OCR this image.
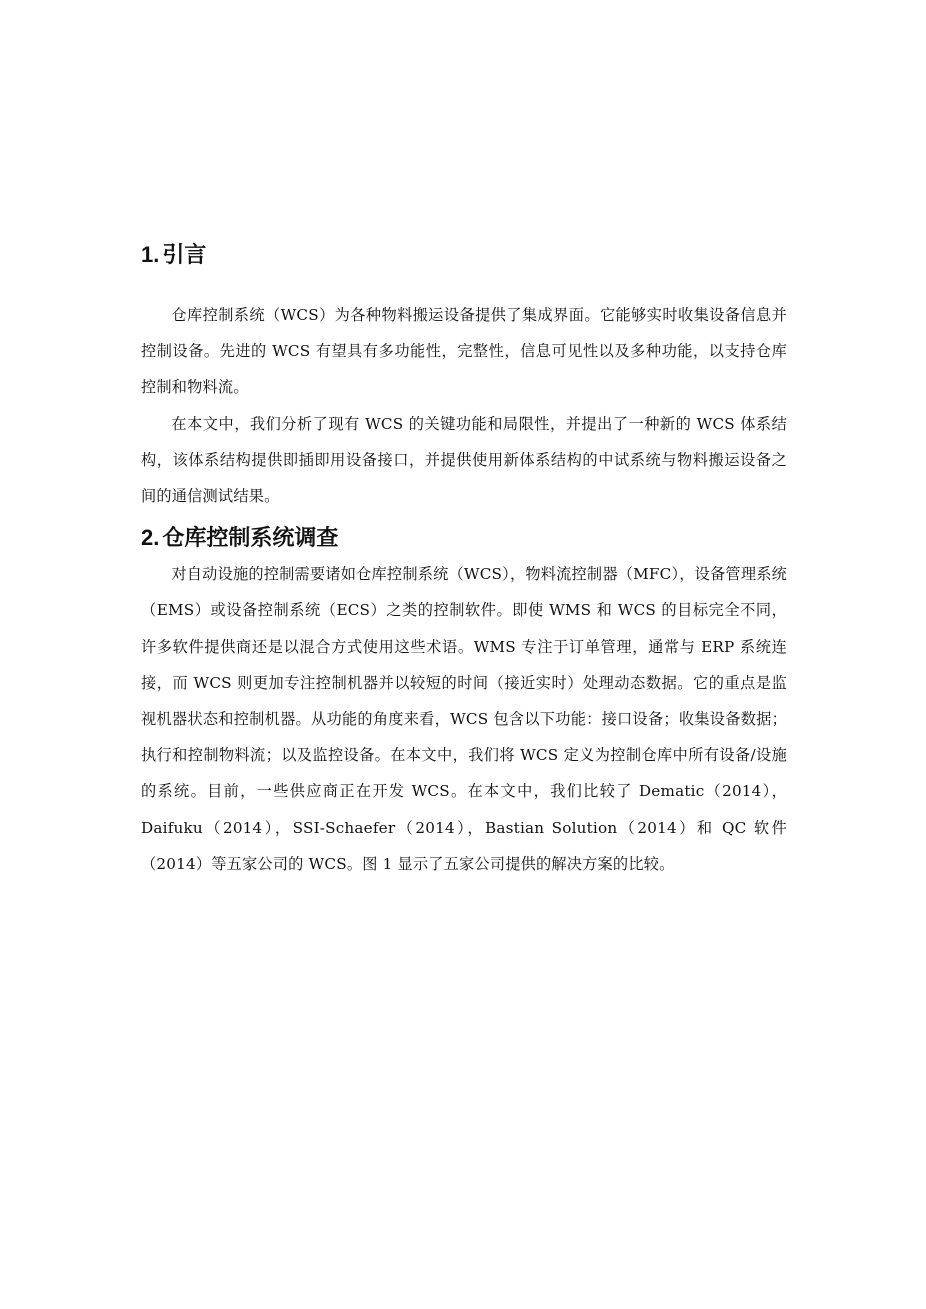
1. 引言

仓库控制系统（WCS）为各种物料搬运设备提供了集成界面。它能够实时收集设备信息并控制设备。先进的 WCS 有望具有多功能性，完整性，信息可见性以及多种功能，以支持仓库控制和物料流。

在本文中，我们分析了现有 WCS 的关键功能和局限性，并提出了一种新的 WCS 体系结构，该体系结构提供即插即用设备接口，并提供使用新体系结构的中试系统与物料搬运设备之间的通信测试结果。

2. 仓库控制系统调查

对自动设施的控制需要诸如仓库控制系统（WCS），物料流控制器（MFC），设备管理系统（EMS）或设备控制系统（ECS）之类的控制软件。即使 WMS 和 WCS 的目标完全不同，许多软件提供商还是以混合方式使用这些术语。WMS 专注于订单管理，通常与 ERP 系统连接，而 WCS 则更加专注控制机器并以较短的时间（接近实时）处理动态数据。它的重点是监视机器状态和控制机器。从功能的角度来看，WCS 包含以下功能：接口设备；收集设备数据；执行和控制物料流；以及监控设备。在本文中，我们将 WCS 定义为控制仓库中所有设备/设施的系统。目前，一些供应商正在开发 WCS。在本文中，我们比较了 Dematic（2014），Daifuku（2014），SSI-Schaefer（2014），Bastian Solution（2014）和 QC 软件（2014）等五家公司的 WCS。图 1 显示了五家公司提供的解决方案的比较。
